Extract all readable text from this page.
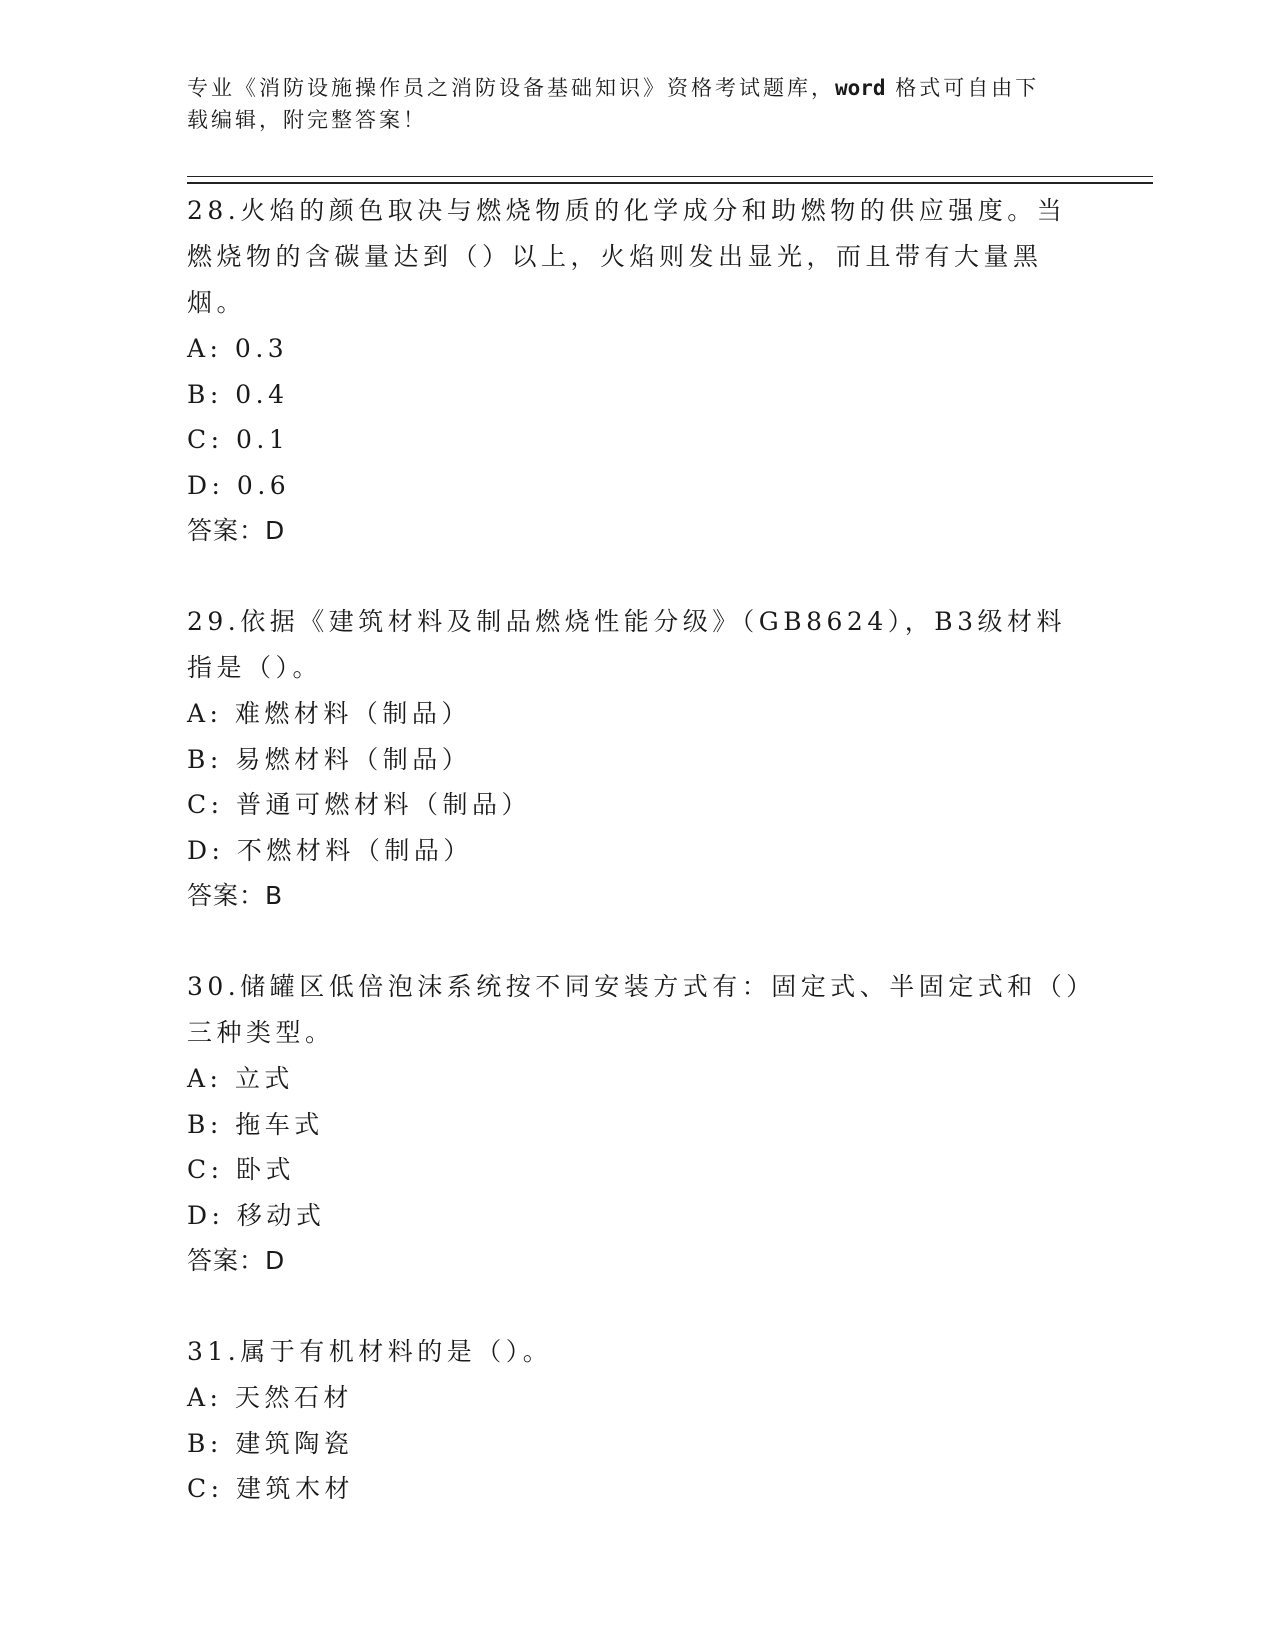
专业《消防设施操作员之消防设备基础知识》资格考试题库，word 格式可自由下
载编辑，附完整答案！

28.火焰的颜色取决与燃烧物质的化学成分和助燃物的供应强度。当燃烧物的含碳量达到（）以上，火焰则发出显光，而且带有大量黑烟。

A: 0.3

B: 0.4

C: 0.1

D: 0.6

答案：D

29.依据《建筑材料及制品燃烧性能分级》（GB8624），B3级材料指是（）。

A: 难燃材料（制品）

B: 易燃材料（制品）

C: 普通可燃材料（制品）

D: 不燃材料（制品）

答案：B

30.储罐区低倍泡沫系统按不同安装方式有：固定式、半固定式和（）三种类型。

A: 立式

B: 拖车式

C: 卧式

D: 移动式

答案：D

31.属于有机材料的是（）。

A: 天然石材

B: 建筑陶瓷

C: 建筑木材
